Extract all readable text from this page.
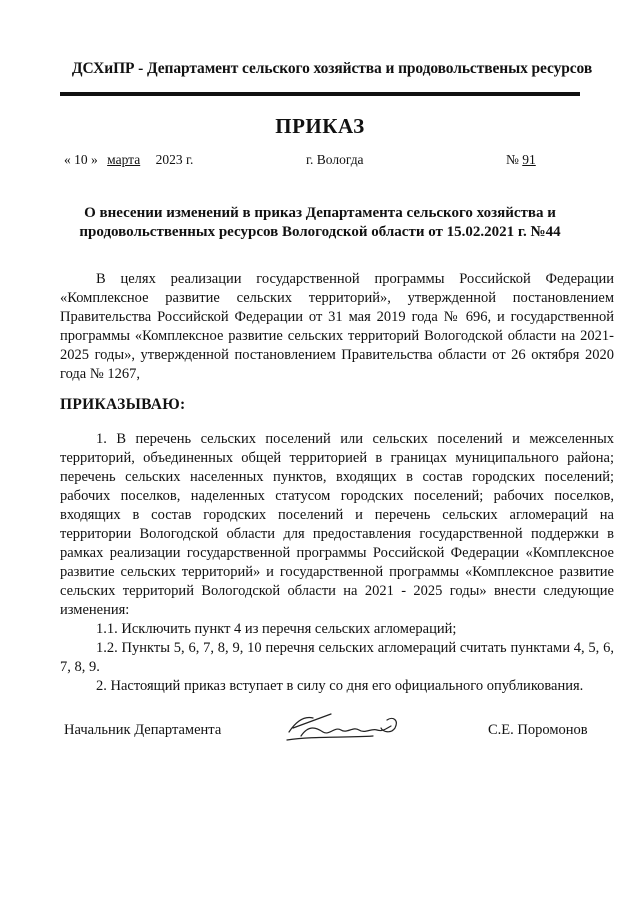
ДСХиПР - Департамент сельского хозяйства и продовольственых ресурсов
ПРИКАЗ
« 10 » марта 2023 г.	г. Вологда	№ 91
О внесении изменений в приказ Департамента сельского хозяйства и продовольственных ресурсов Вологодской области от 15.02.2021 г. №44

В целях реализации государственной программы Российской Федерации «Комплексное развитие сельских территорий», утвержденной постановлением Правительства Российской Федерации от 31 мая 2019 года № 696, и государственной программы «Комплексное развитие сельских территорий Вологодской области на 2021-2025 годы», утвержденной постановлением Правительства области от 26 октября 2020 года № 1267,

ПРИКАЗЫВАЮ:

1. В перечень сельских поселений или сельских поселений и межселенных территорий, объединенных общей территорией в границах муниципального района; перечень сельских населенных пунктов, входящих в состав городских поселений; рабочих поселков, наделенных статусом городских поселений; рабочих поселков, входящих в состав городских поселений и перечень сельских агломераций на территории Вологодской области для предоставления государственной поддержки в рамках реализации государственной программы Российской Федерации «Комплексное развитие сельских территорий» и государственной программы «Комплексное развитие сельских территорий Вологодской области на 2021 - 2025 годы» внести следующие изменения:

1.1. Исключить пункт 4 из перечня сельских агломераций;

1.2. Пункты 5, 6, 7, 8, 9, 10 перечня сельских агломераций считать пунктами 4, 5, 6, 7, 8, 9.

2. Настоящий приказ вступает в силу со дня его официального опубликования.

Начальник Департамента	С.Е. Поромонов
